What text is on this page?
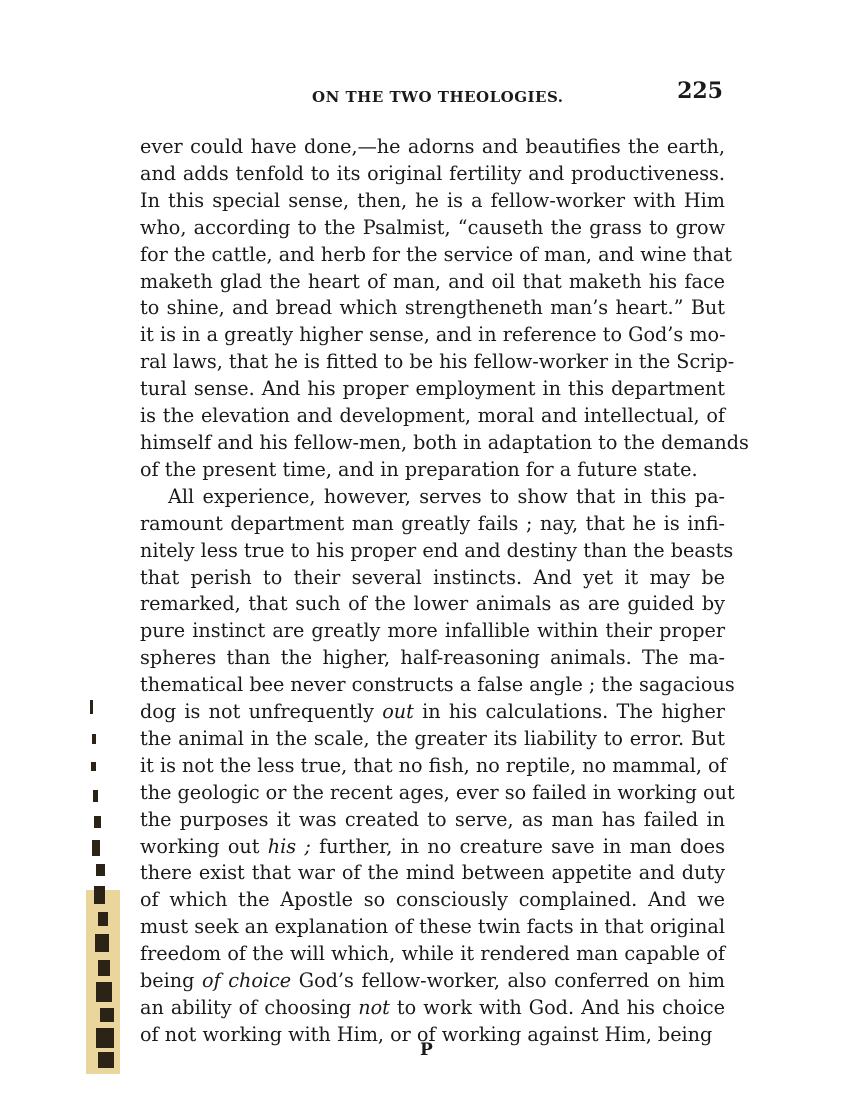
ON THE TWO THEOLOGIES.	225
ever could have done,—he adorns and beautifies the earth,
and adds tenfold to its original fertility and productiveness.
In this special sense, then, he is a fellow-worker with Him
who, according to the Psalmist, “causeth the grass to grow
for the cattle, and herb for the service of man, and wine that
maketh glad the heart of man, and oil that maketh his face
to shine, and bread which strengtheneth man’s heart.” But
it is in a greatly higher sense, and in reference to God’s mo-
ral laws, that he is fitted to be his fellow-worker in the Scrip-
tural sense. And his proper employment in this department
is the elevation and development, moral and intellectual, of
himself and his fellow-men, both in adaptation to the demands
of the present time, and in preparation for a future state.
All experience, however, serves to show that in this pa-
ramount department man greatly fails ; nay, that he is infi-
nitely less true to his proper end and destiny than the beasts
that perish to their several instincts. And yet it may be
remarked, that such of the lower animals as are guided by
pure instinct are greatly more infallible within their proper
spheres than the higher, half-reasoning animals. The ma-
thematical bee never constructs a false angle ; the sagacious
dog is not unfrequently out in his calculations. The higher
the animal in the scale, the greater its liability to error. But
it is not the less true, that no fish, no reptile, no mammal, of
the geologic or the recent ages, ever so failed in working out
the purposes it was created to serve, as man has failed in
working out his ; further, in no creature save in man does
there exist that war of the mind between appetite and duty
of which the Apostle so consciously complained. And we
must seek an explanation of these twin facts in that original
freedom of the will which, while it rendered man capable of
being of choice God’s fellow-worker, also conferred on him
an ability of choosing not to work with God. And his choice
of not working with Him, or of working against Him, being
P
